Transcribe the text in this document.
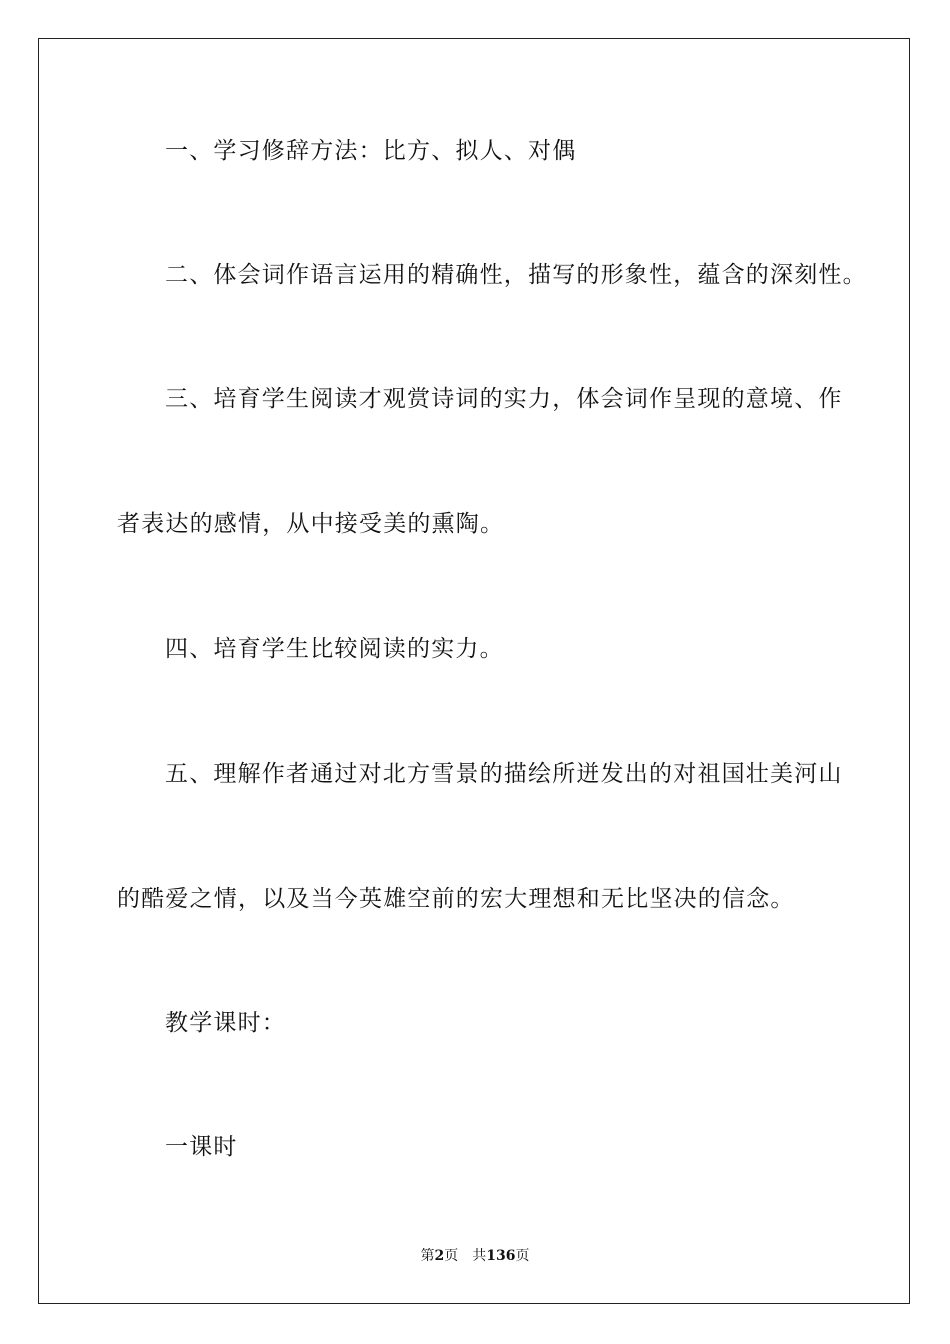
一、学习修辞方法：比方、拟人、对偶
二、体会词作语言运用的精确性，描写的形象性，蕴含的深刻性。
三、培育学生阅读才观赏诗词的实力，体会词作呈现的意境、作
者表达的感情，从中接受美的熏陶。
四、培育学生比较阅读的实力。
五、理解作者通过对北方雪景的描绘所迸发出的对祖国壮美河山
的酷爱之情，以及当今英雄空前的宏大理想和无比坚决的信念。
教学课时：
一课时
第2页 共136页
